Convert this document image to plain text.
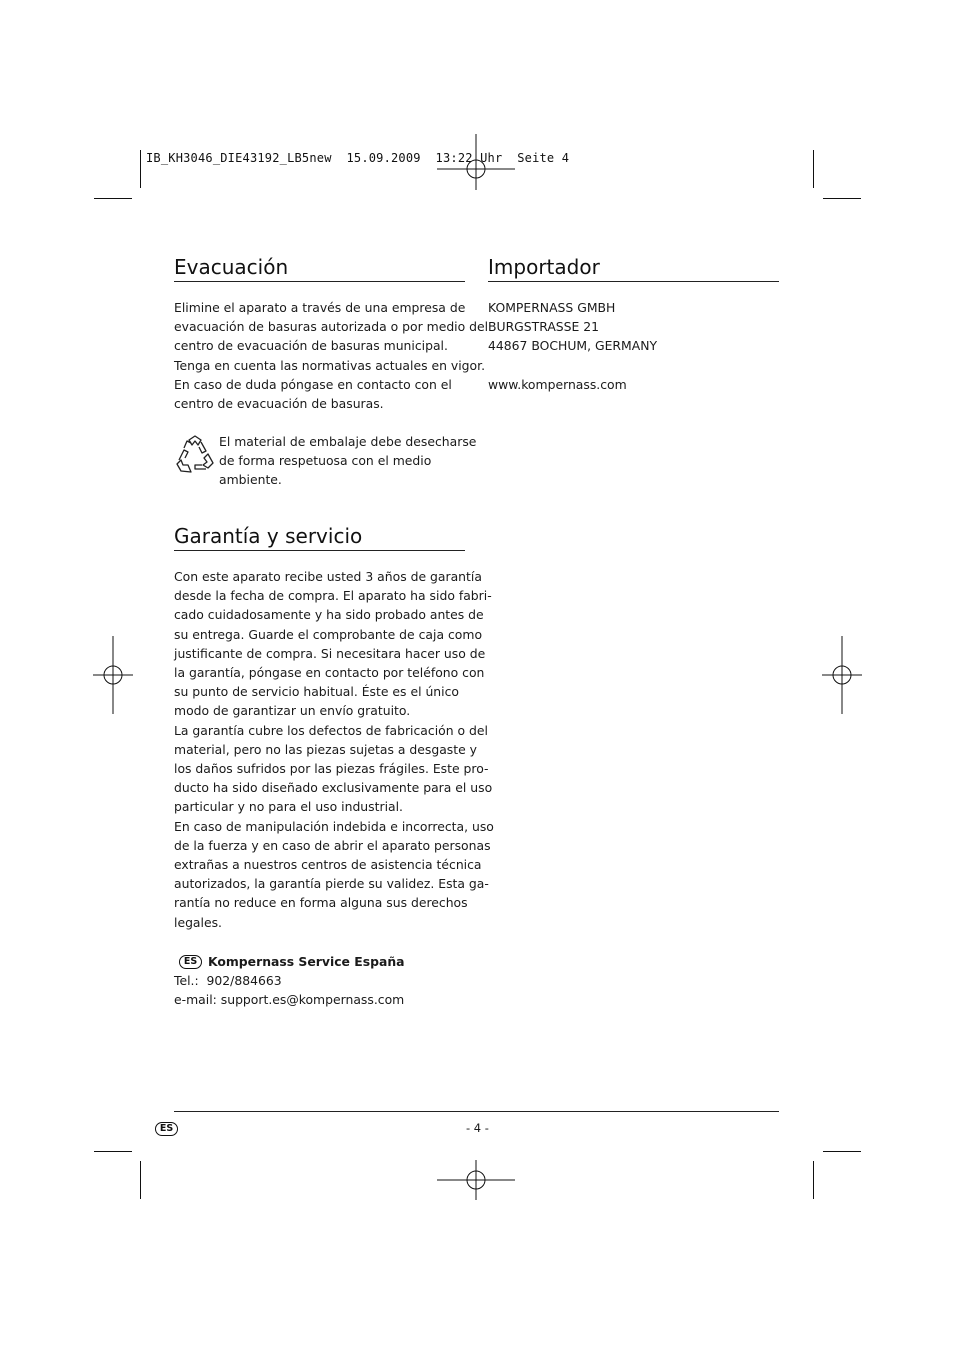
IB_KH3046_DIE43192_LB5new  15.09.2009  13:22 Uhr  Seite 4
Evacuación
Elimine el aparato a través de una empresa de
evacuación de basuras autorizada o por medio del
centro de evacuación de basuras municipal.
Tenga en cuenta las normativas actuales en vigor.
En caso de duda póngase en contacto con el
centro de evacuación de basuras.
El material de embalaje debe desecharse
de forma respetuosa con el medio
ambiente.
Garantía y servicio
Con este aparato recibe usted 3 años de garantía
desde la fecha de compra. El aparato ha sido fabri-
cado cuidadosamente y ha sido probado antes de
su entrega. Guarde el comprobante de caja como
justificante de compra. Si necesitara hacer uso de
la garantía, póngase en contacto por teléfono con
su punto de servicio habitual. Éste es el único
modo de garantizar un envío gratuito.
La garantía cubre los defectos de fabricación o del
material, pero no las piezas sujetas a desgaste y
los daños sufridos por las piezas frágiles. Este pro-
ducto ha sido diseñado exclusivamente para el uso
particular y no para el uso industrial.
En caso de manipulación indebida e incorrecta, uso
de la fuerza y en caso de abrir el aparato personas
extrañas a nuestros centros de asistencia técnica
autorizados, la garantía pierde su validez. Esta ga-
rantía no reduce en forma alguna sus derechos
legales.
ES Kompernass Service España
Tel.:  902/884663
e-mail: support.es@kompernass.com
Importador
KOMPERNASS GMBH
BURGSTRASSE 21
44867 BOCHUM, GERMANY
www.kompernass.com
ES	- 4 -
